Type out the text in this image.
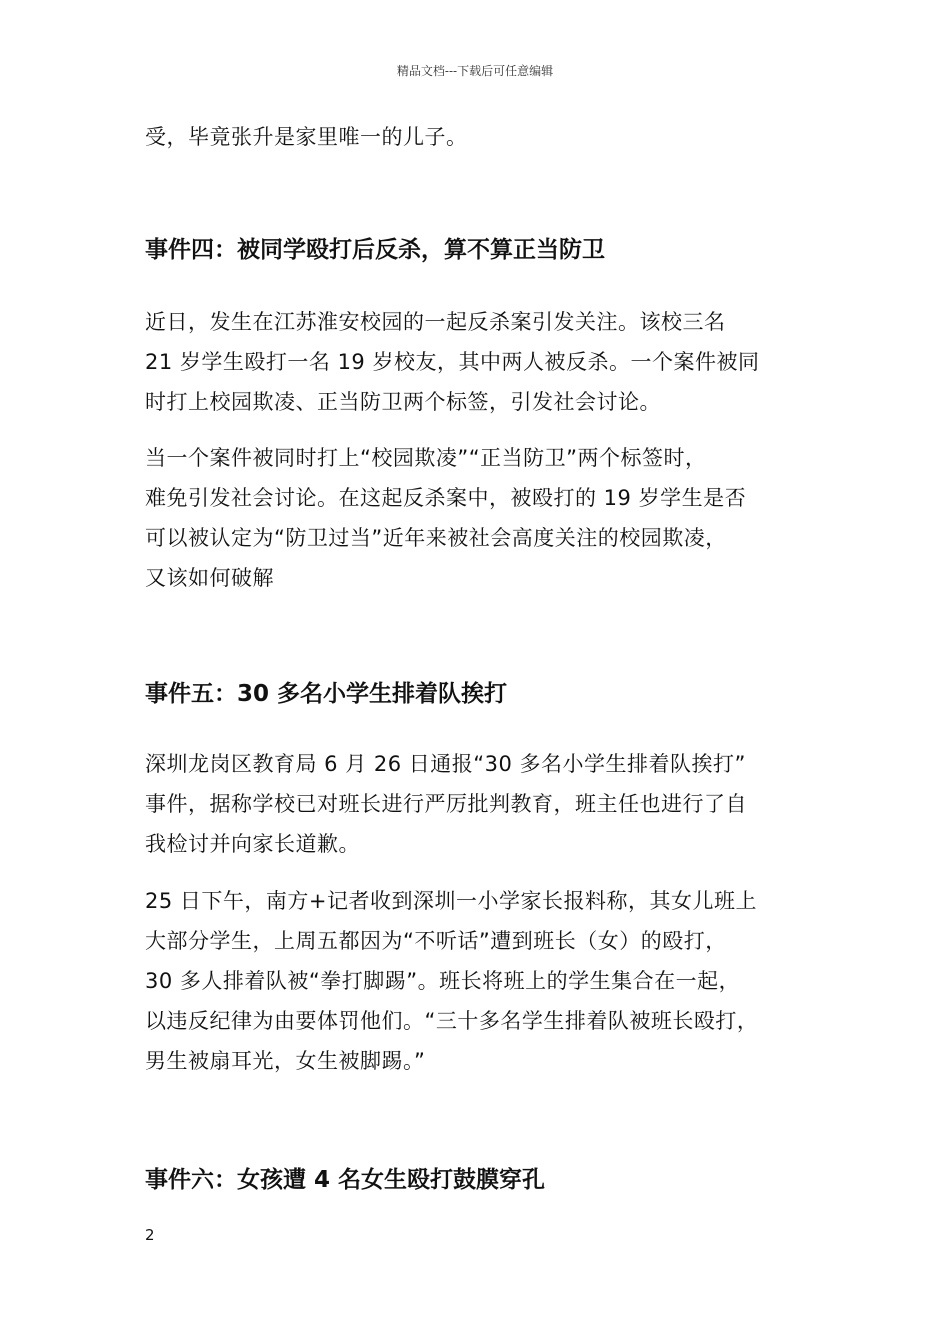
精品文档---下载后可任意编辑
受，毕竟张升是家里唯一的儿子。
事件四：被同学殴打后反杀，算不算正当防卫
近日，发生在江苏淮安校园的一起反杀案引发关注。该校三名
21 岁学生殴打一名 19 岁校友，其中两人被反杀。一个案件被同
时打上校园欺凌、正当防卫两个标签，引发社会讨论。
当一个案件被同时打上“校园欺凌”“正当防卫”两个标签时，
难免引发社会讨论。在这起反杀案中，被殴打的 19 岁学生是否
可以被认定为“防卫过当”近年来被社会高度关注的校园欺凌，
又该如何破解
事件五：30 多名小学生排着队挨打
深圳龙岗区教育局 6 月 26 日通报“30 多名小学生排着队挨打”
事件，据称学校已对班长进行严厉批判教育，班主任也进行了自
我检讨并向家长道歉。
25 日下午，南方+记者收到深圳一小学家长报料称，其女儿班上
大部分学生，上周五都因为“不听话”遭到班长（女）的殴打，
30 多人排着队被“拳打脚踢”。班长将班上的学生集合在一起，
以违反纪律为由要体罚他们。“三十多名学生排着队被班长殴打，
男生被扇耳光，女生被脚踢。”
事件六：女孩遭 4 名女生殴打鼓膜穿孔
2
